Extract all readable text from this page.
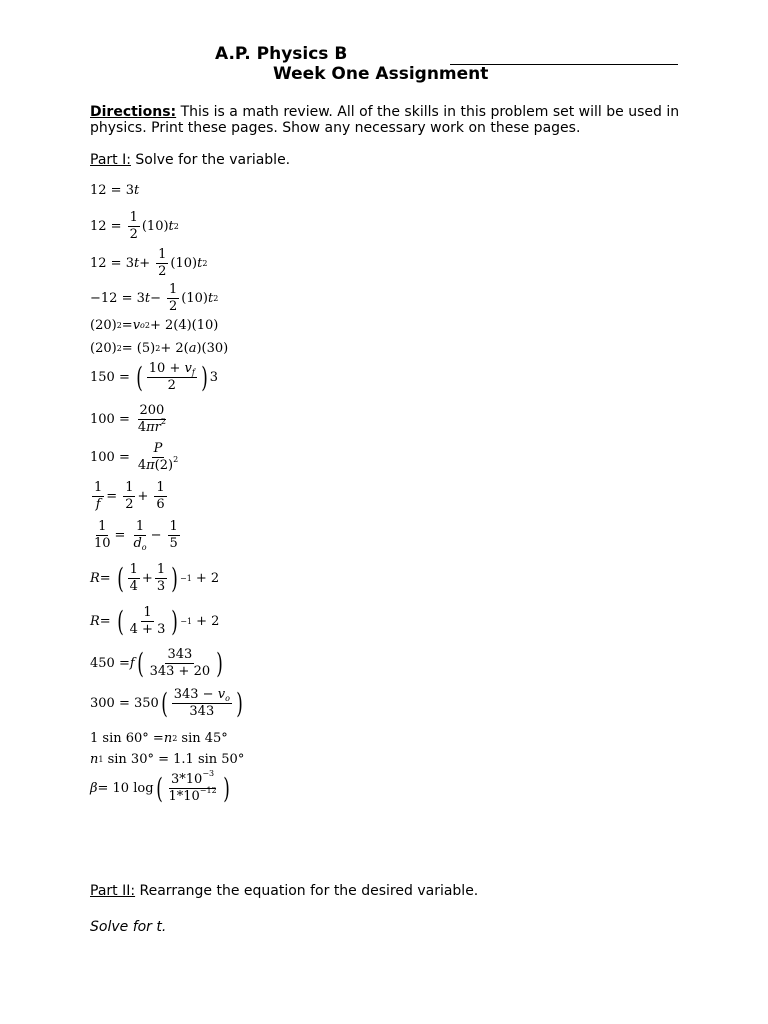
A.P. Physics B
Week One Assignment
Directions: This is a math review. All of the skills in this problem set will be used in physics. Print these pages. Show any necessary work on these pages.
Part I: Solve for the variable.
12 = 3 t
12 =
1
2
(10) t 2
12 = 3 t +
1
2
(10) t 2
−12 = 3 t −
1
2
(10) t 2
(20) 2 = v o 2 + 2(4)(10)
(20) 2 = (5) 2 + 2( a )(30)
150 = ( $10 + v_f$
2 ) 3
100 =
200
$4\pi r^2$
100 =
P
$4\pi(2)^2$
1
f
=
1
2
+
1
6
1
10
=
1
$d_o$
−
1
5
R = ( 1
4
+
1
3 ) −1 + 2
R = ( 1
4 + 3 ) −1 + 2
450 = f ( 343
343 + 20 )
300 = 350 ( $343 - v_o$
343 )
1 sin 60° = n 2 sin 45°
n 1 sin 30° = 1.1 sin 50°
β = 10 log ( $3*10^{-3}$
$1*10^{-12}$ )
Part II: Rearrange the equation for the desired variable.
Solve for t.
